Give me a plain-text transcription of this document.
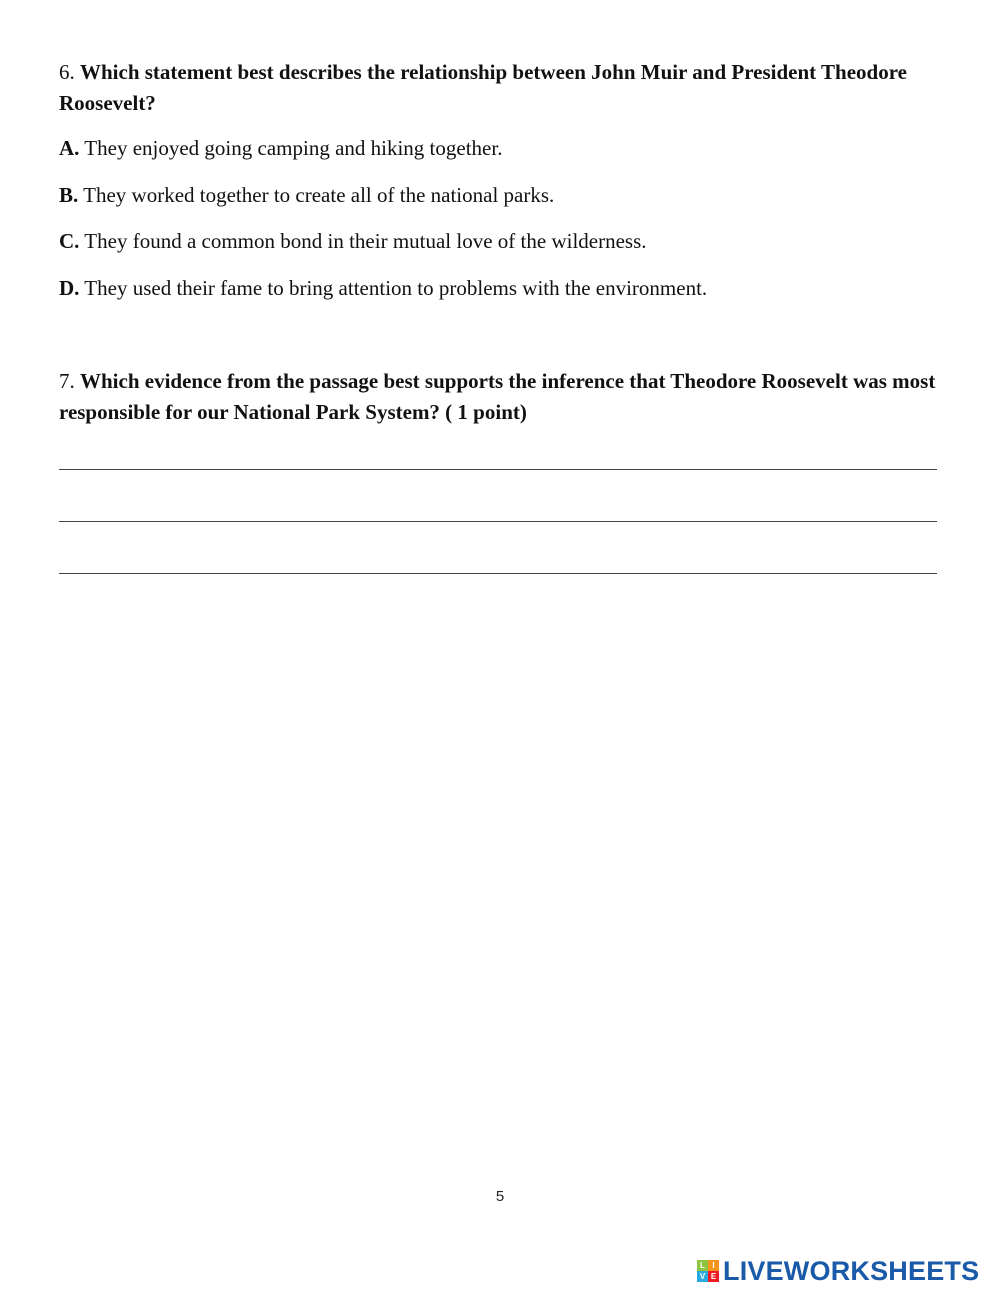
6. Which statement best describes the relationship between John Muir and President Theodore Roosevelt?
A. They enjoyed going camping and hiking together.
B. They worked together to create all of the national parks.
C. They found a common bond in their mutual love of the wilderness.
D. They used their fame to bring attention to problems with the environment.
7. Which evidence from the passage best supports the inference that Theodore Roosevelt was most responsible for our National Park System? ( 1 point)
5
L I
V E LIVEWORKSHEETS
